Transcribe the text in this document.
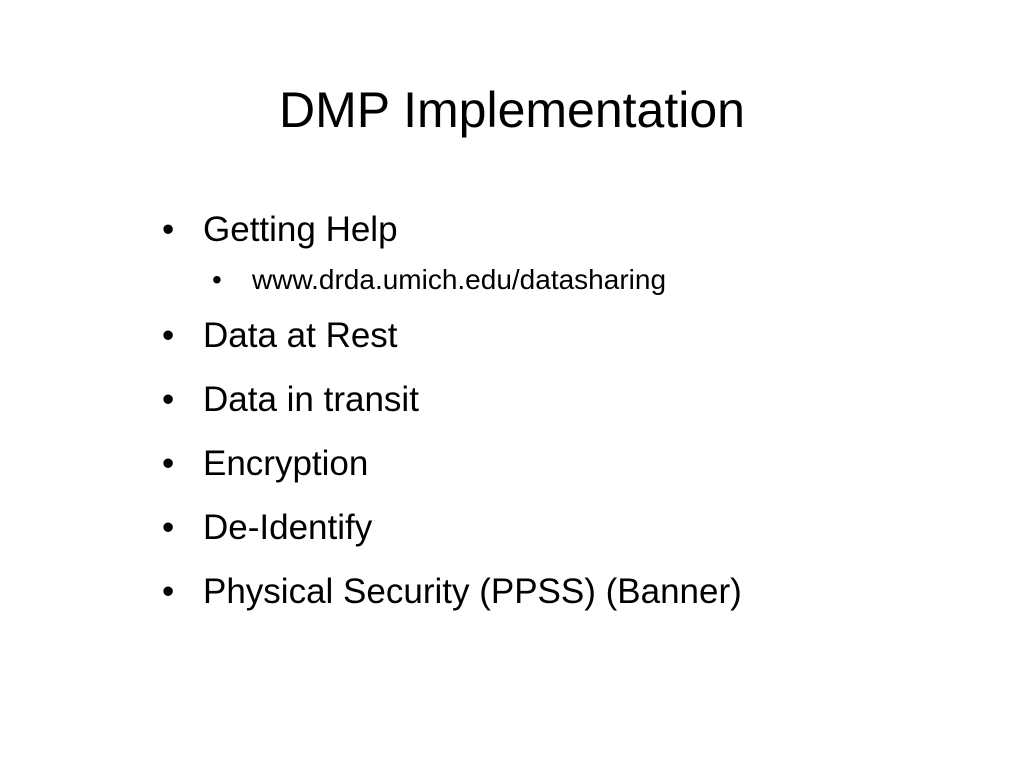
DMP Implementation
• Getting Help
•	www.drda.umich.edu/datasharing
• Data at Rest
• Data in transit
• Encryption
• De-Identify
• Physical Security (PPSS) (Banner)
